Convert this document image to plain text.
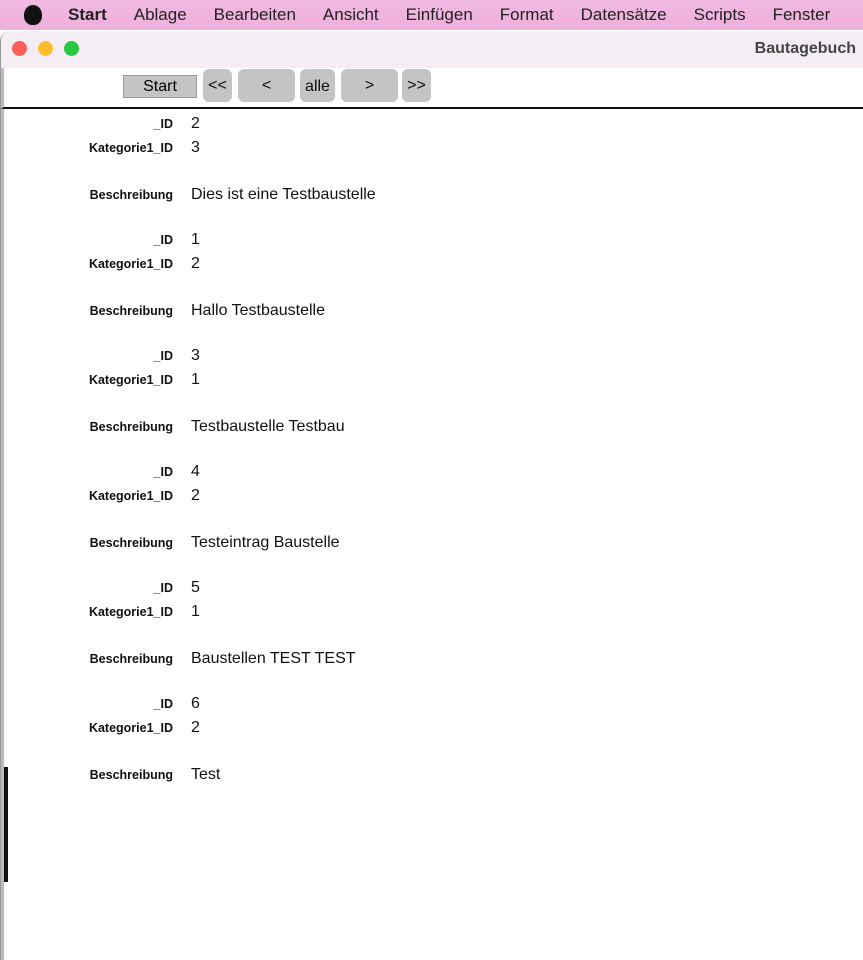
Start Ablage Bearbeiten Ansicht Einfügen Format Datensätze Scripts Fenster
Bautagebuch
Start	<<	<	alle	>	>>
_ID 2
Kategorie1_ID 3
Beschreibung Dies ist eine Testbaustelle
_ID 1
Kategorie1_ID 2
Beschreibung Hallo Testbaustelle
_ID 3
Kategorie1_ID 1
Beschreibung Testbaustelle Testbau
_ID 4
Kategorie1_ID 2
Beschreibung Testeintrag Baustelle
_ID 5
Kategorie1_ID 1
Beschreibung Baustellen TEST TEST
_ID 6
Kategorie1_ID 2
Beschreibung Test
